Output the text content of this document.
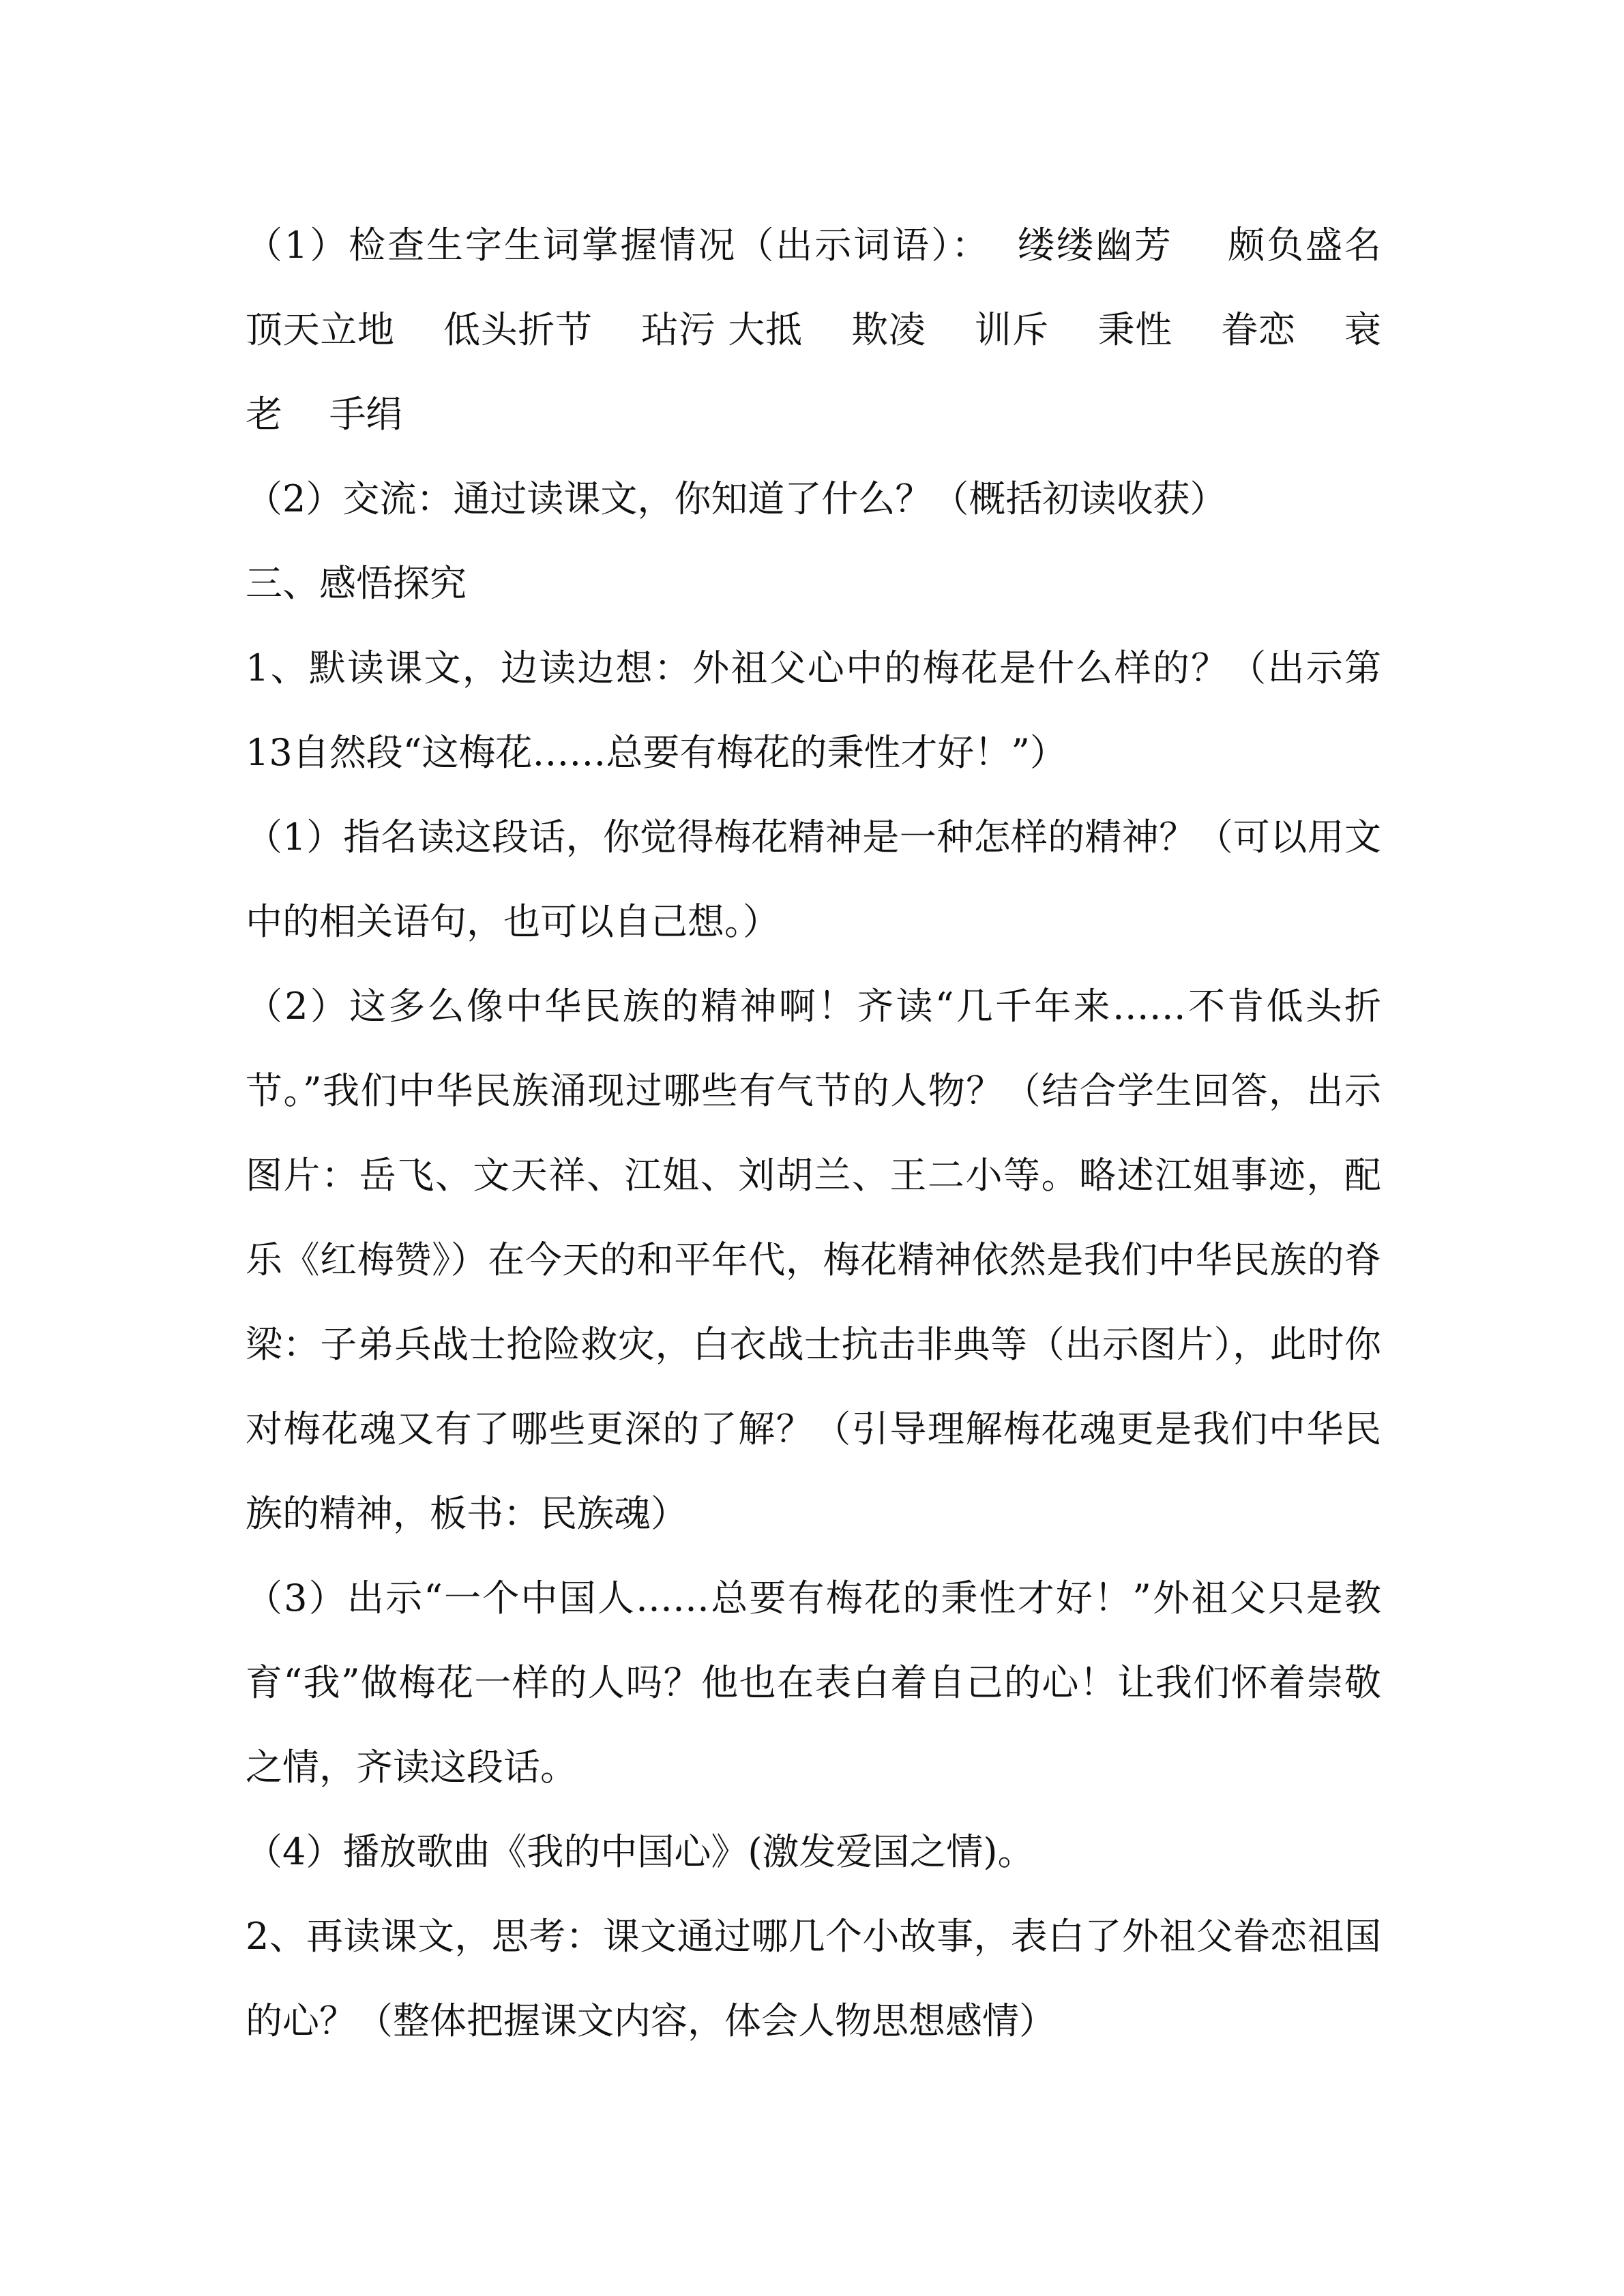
（1）检查生字生词掌握情况（出示词语）：  缕缕幽芳    颇负盛名    顶天立地    低头折节    玷污 大抵    欺凌    训斥    秉性    眷恋    衰老    手绢

（2）交流：通过读课文，你知道了什么？（概括初读收获）

三、感悟探究

1、默读课文，边读边想：外祖父心中的梅花是什么样的？（出示第13自然段“这梅花……总要有梅花的秉性才好！”）

（1）指名读这段话，你觉得梅花精神是一种怎样的精神？（可以用文中的相关语句，也可以自己想。）

（2）这多么像中华民族的精神啊！齐读“几千年来……不肯低头折节。”我们中华民族涌现过哪些有气节的人物？（结合学生回答，出示图片：岳飞、文天祥、江姐、刘胡兰、王二小等。略述江姐事迹，配乐《红梅赞》）在今天的和平年代，梅花精神依然是我们中华民族的脊梁：子弟兵战士抢险救灾，白衣战士抗击非典等（出示图片），此时你对梅花魂又有了哪些更深的了解？（引导理解梅花魂更是我们中华民族的精神，板书：民族魂）

（3）出示“一个中国人……总要有梅花的秉性才好！”外祖父只是教育“我”做梅花一样的人吗？他也在表白着自己的心！让我们怀着崇敬之情，齐读这段话。

（4）播放歌曲《我的中国心》(激发爱国之情)。

2、再读课文，思考：课文通过哪几个小故事，表白了外祖父眷恋祖国的心？（整体把握课文内容，体会人物思想感情）
